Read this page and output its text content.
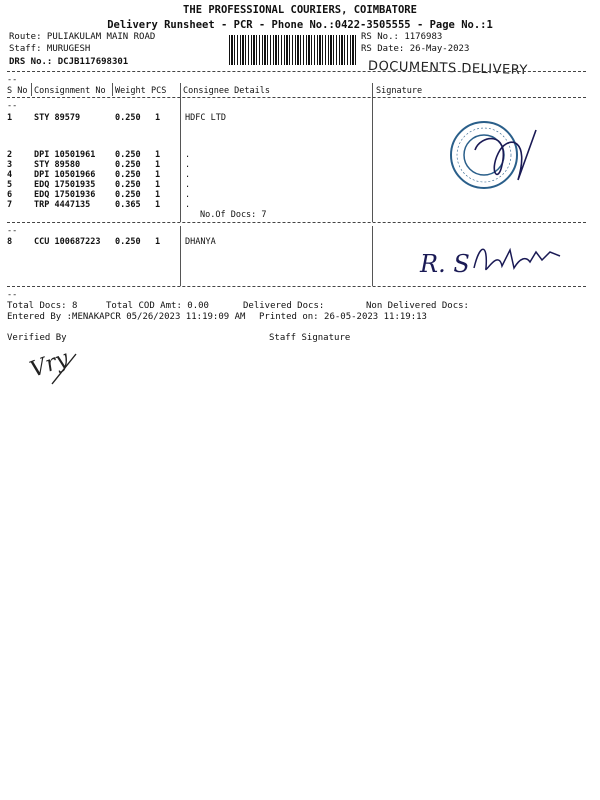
THE PROFESSIONAL COURIERS, COIMBATORE
Delivery Runsheet - PCR - Phone No.:0422-3505555 - Page No.:1
Route: PULIAKULAM MAIN ROAD
Staff: MURUGESH
DRS No.: DCJB117698301
RS No.: 1176983
RS Date: 26-May-2023
DOCUMENTS DELIVERY
--
S No Consignment No Weight PCS Consignee Details	Signature
--
1	STY 89579	0.250 1	HDFC LTD
2	DPI 10501961 0.250 1	.
3	STY 89580	0.250 1	.
4	DPI 10501966 0.250 1	.
5	EDQ 17501935 0.250 1	.
6	EDQ 17501936 0.250 1	.
7	TRP 4447135	0.365 1	.
No.Of Docs: 7
--
8	CCU 100687223 0.250 1	DHANYA
R. S
--
Total Docs: 8	Total COD Amt: 0.00	Delivered Docs:	Non Delivered Docs:
Entered By :MENAKAPCR 05/26/2023 11:19:09 AM Printed on: 26-05-2023 11:19:13
Verified By	Staff Signature
Vry
